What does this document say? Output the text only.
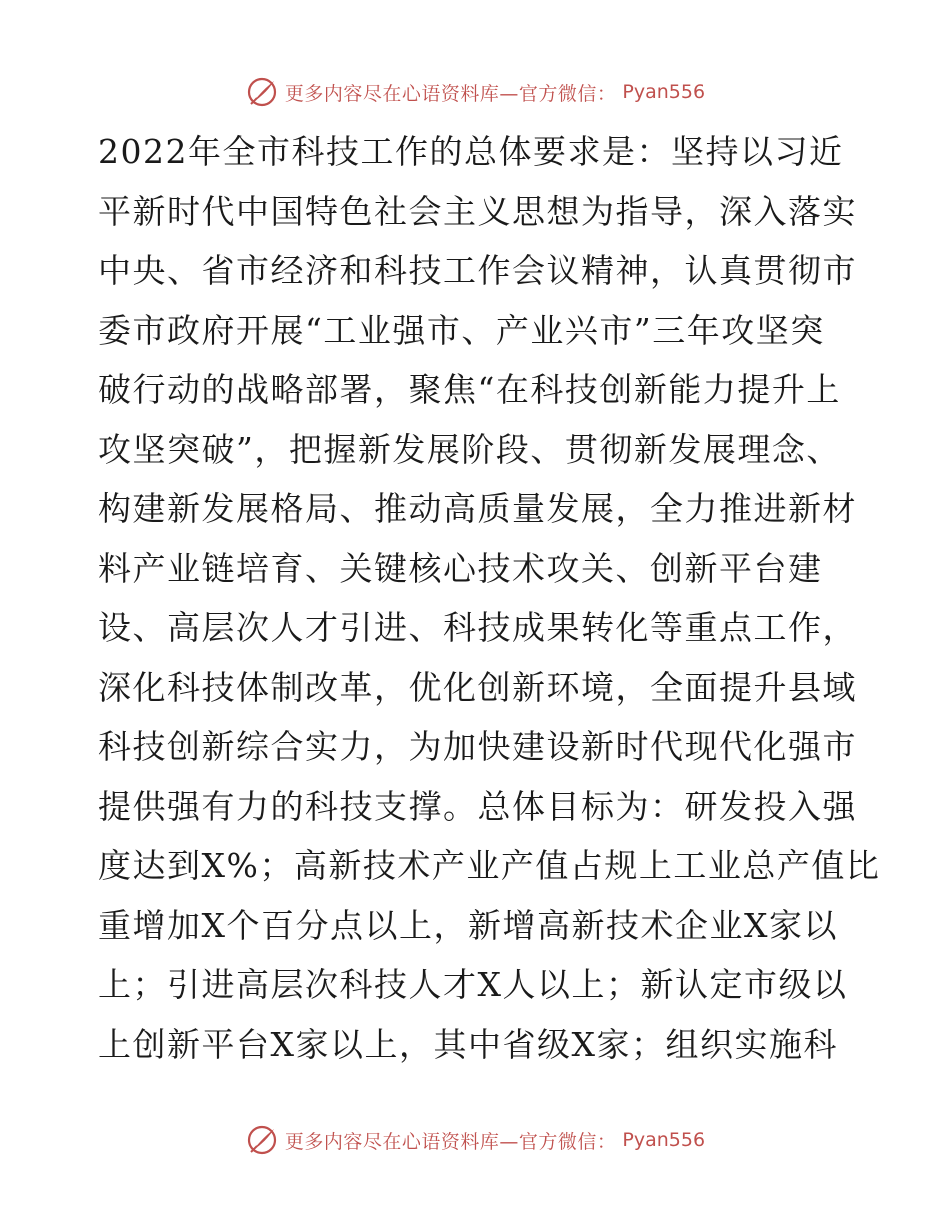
更多内容尽在心语资料库—官方微信： Pyan556
2022年全市科技工作的总体要求是：坚持以习近
平新时代中国特色社会主义思想为指导，深入落实
中央、省市经济和科技工作会议精神，认真贯彻市
委市政府开展“工业强市、产业兴市”三年攻坚突
破行动的战略部署，聚焦“在科技创新能力提升上
攻坚突破”，把握新发展阶段、贯彻新发展理念、
构建新发展格局、推动高质量发展，全力推进新材
料产业链培育、关键核心技术攻关、创新平台建
设、高层次人才引进、科技成果转化等重点工作，
深化科技体制改革，优化创新环境，全面提升县域
科技创新综合实力，为加快建设新时代现代化强市
提供强有力的科技支撑。总体目标为：研发投入强
度达到X%；高新技术产业产值占规上工业总产值比
重增加X个百分点以上，新增高新技术企业X家以
上；引进高层次科技人才X人以上；新认定市级以
上创新平台X家以上，其中省级X家；组织实施科
更多内容尽在心语资料库—官方微信： Pyan556
